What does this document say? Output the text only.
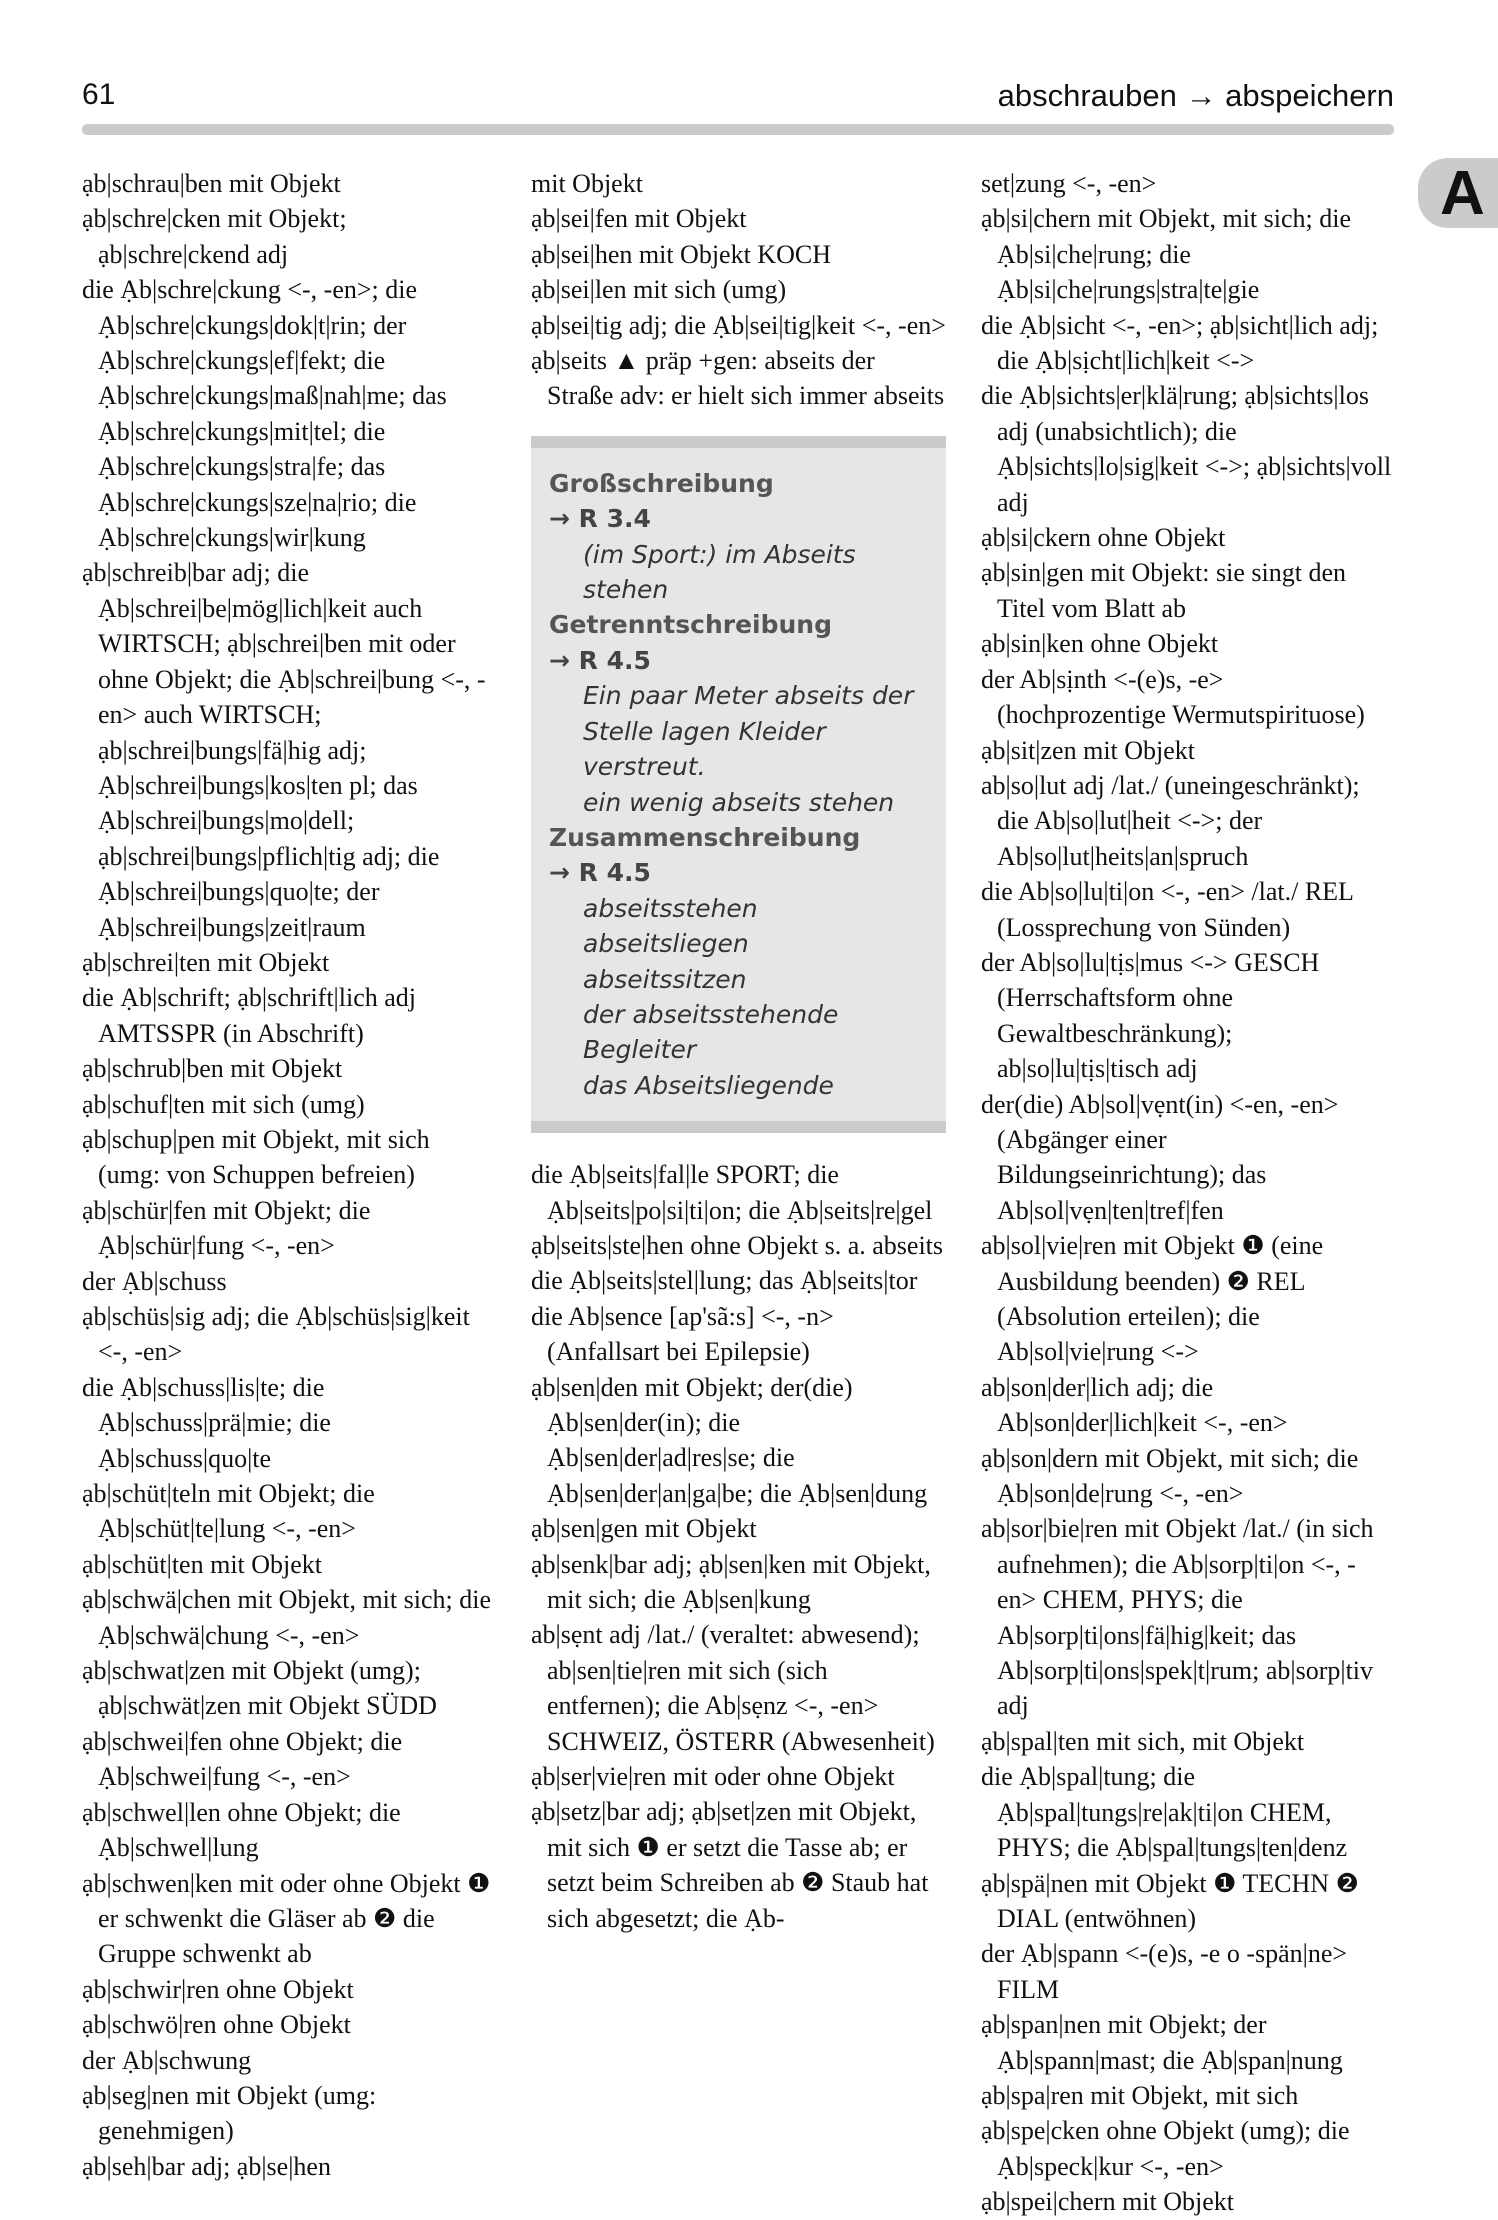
61	abschrauben → abspeichern
A

ạb|schrau|ben mit Objekt

ạb|schre|cken mit Objekt; ạb|schre|ckend adj

die Ạb|schre|ckung <-, -en>; die Ạb|schre|ckungs|dok|t|rin; der Ạb|schre|ckungs|ef|fekt; die Ạb|schre|ckungs|maß|nah|me; das Ạb|schre|ckungs|mit|tel; die Ạb|schre|ckungs|stra|fe; das Ạb|schre|ckungs|sze|na|rio; die Ạb|schre|ckungs|wir|kung

ạb|schreib|bar adj; die Ạb|schrei|be|mög|lich|keit auch WIRTSCH; ạb|schrei|ben mit oder ohne Objekt; die Ạb|schrei|bung <-, -en> auch WIRTSCH; ạb|schrei|bungs|fä|hig adj; Ạb|schrei|bungs|kos|ten pl; das Ạb|schrei|bungs|mo|dell; ạb|schrei|bungs|pflich|tig adj; die Ạb|schrei|bungs|quo|te; der Ạb|schrei|bungs|zeit|raum

ạb|schrei|ten mit Objekt

die Ạb|schrift; ạb|schrift|lich adj AMTSSPR (in Abschrift)

ạb|schrub|ben mit Objekt

ạb|schuf|ten mit sich (umg)

ạb|schup|pen mit Objekt, mit sich (umg: von Schuppen befreien)

ạb|schür|fen mit Objekt; die Ạb|schür|fung <-, -en>

der Ạb|schuss

ạb|schüs|sig adj; die Ạb|schüs|sig|keit <-, -en>

die Ạb|schuss|lis|te; die Ạb|schuss|prä|mie; die Ạb|schuss|quo|te

ạb|schüt|teln mit Objekt; die Ạb|schüt|te|lung <-, -en>

ạb|schüt|ten mit Objekt

ạb|schwä|chen mit Objekt, mit sich; die Ạb|schwä|chung <-, -en>

ạb|schwat|zen mit Objekt (umg); ạb|schwät|zen mit Objekt SÜDD

ạb|schwei|fen ohne Objekt; die Ạb|schwei|fung <-, -en>

ạb|schwel|len ohne Objekt; die Ạb|schwel|lung

ạb|schwen|ken mit oder ohne Objekt ❶ er schwenkt die Gläser ab ❷ die Gruppe schwenkt ab

ạb|schwir|ren ohne Objekt

ạb|schwö|ren ohne Objekt

der Ạb|schwung

ạb|seg|nen mit Objekt (umg: genehmigen)

ạb|seh|bar adj; ạb|se|hen

mit Objekt

ạb|sei|fen mit Objekt

ạb|sei|hen mit Objekt KOCH

ạb|sei|len mit sich (umg)

ạb|sei|tig adj; die Ạb|sei|tig|keit <-, -en>

ạb|seits ▲ präp +gen: abseits der Straße adv: er hielt sich immer abseits

Großschreibung
→ R 3.4
(im Sport:) im Abseits stehen
Getrenntschreibung
→ R 4.5
Ein paar Meter abseits der Stelle lagen Kleider verstreut.
ein wenig abseits stehen
Zusammenschreibung
→ R 4.5
abseitsstehen
abseitsliegen
abseitssitzen
der abseitsstehende Begleiter
das Abseitsliegende

die Ạb|seits|fal|le SPORT; die Ạb|seits|po|si|ti|on; die Ạb|seits|re|gel

ạb|seits|ste|hen ohne Objekt s. a. abseits

die Ạb|seits|stel|lung; das Ạb|seits|tor

die Ab|sence [ap'sã:s] <-, -n> (Anfallsart bei Epilepsie)

ạb|sen|den mit Objekt; der(die) Ạb|sen|der(in); die Ạb|sen|der|ad|res|se; die Ạb|sen|der|an|ga|be; die Ạb|sen|dung

ạb|sen|gen mit Objekt

ạb|senk|bar adj; ạb|sen|ken mit Objekt, mit sich; die Ạb|sen|kung

ab|sẹnt adj /lat./ (veraltet: abwesend); ab|sen|tie|ren mit sich (sich entfernen); die Ab|sẹnz <-, -en> SCHWEIZ, ÖSTERR (Abwesenheit)

ạb|ser|vie|ren mit oder ohne Objekt

ạb|setz|bar adj; ạb|set|zen mit Objekt, mit sich ❶ er setzt die Tasse ab; er setzt beim Schreiben ab ❷ Staub hat sich abgesetzt; die Ạb-

set|zung <-, -en>

ạb|si|chern mit Objekt, mit sich; die Ạb|si|che|rung; die Ạb|si|che|rungs|stra|te|gie

die Ạb|sicht <-, -en>; ạb|sicht|lich adj; die Ạb|sịcht|lich|keit <->

die Ạb|sichts|er|klä|rung; ạb|sichts|los adj (unabsichtlich); die Ạb|sichts|lo|sig|keit <->; ạb|sichts|voll adj

ạb|si|ckern ohne Objekt

ạb|sin|gen mit Objekt: sie singt den Titel vom Blatt ab

ạb|sin|ken ohne Objekt

der Ab|sịnth <-(e)s, -e> (hochprozentige Wermutspirituose)

ạb|sit|zen mit Objekt

ab|so|lut adj /lat./ (uneingeschränkt); die Ab|so|lut|heit <->; der Ab|so|lut|heits|an|spruch

die Ab|so|lu|ti|on <-, -en> /lat./ REL (Lossprechung von Sünden)

der Ab|so|lu|tịs|mus <-> GESCH (Herrschaftsform ohne Gewaltbeschränkung); ab|so|lu|tịs|tisch adj

der(die) Ab|sol|vẹnt(in) <-en, -en> (Abgänger einer Bildungseinrichtung); das Ab|sol|vẹn|ten|tref|fen

ab|sol|vie|ren mit Objekt ❶ (eine Ausbildung beenden) ❷ REL (Absolution erteilen); die Ab|sol|vie|rung <->

ab|son|der|lich adj; die Ab|son|der|lich|keit <-, -en>

ạb|son|dern mit Objekt, mit sich; die Ạb|son|de|rung <-, -en>

ab|sor|bie|ren mit Objekt /lat./ (in sich aufnehmen); die Ab|sorp|ti|on <-, -en> CHEM, PHYS; die Ab|sorp|ti|ons|fä|hig|keit; das Ab|sorp|ti|ons|spek|t|rum; ab|sorp|tiv adj

ạb|spal|ten mit sich, mit Objekt

die Ạb|spal|tung; die Ạb|spal|tungs|re|ak|ti|on CHEM, PHYS; die Ạb|spal|tungs|ten|denz

ạb|spä|nen mit Objekt ❶ TECHN ❷ DIAL (entwöhnen)

der Ạb|spann <-(e)s, -e o -spän|ne> FILM

ạb|span|nen mit Objekt; der Ạb|spann|mast; die Ạb|span|nung

ạb|spa|ren mit Objekt, mit sich

ạb|spe|cken ohne Objekt (umg); die Ạb|speck|kur <-, -en>

ạb|spei|chern mit Objekt
